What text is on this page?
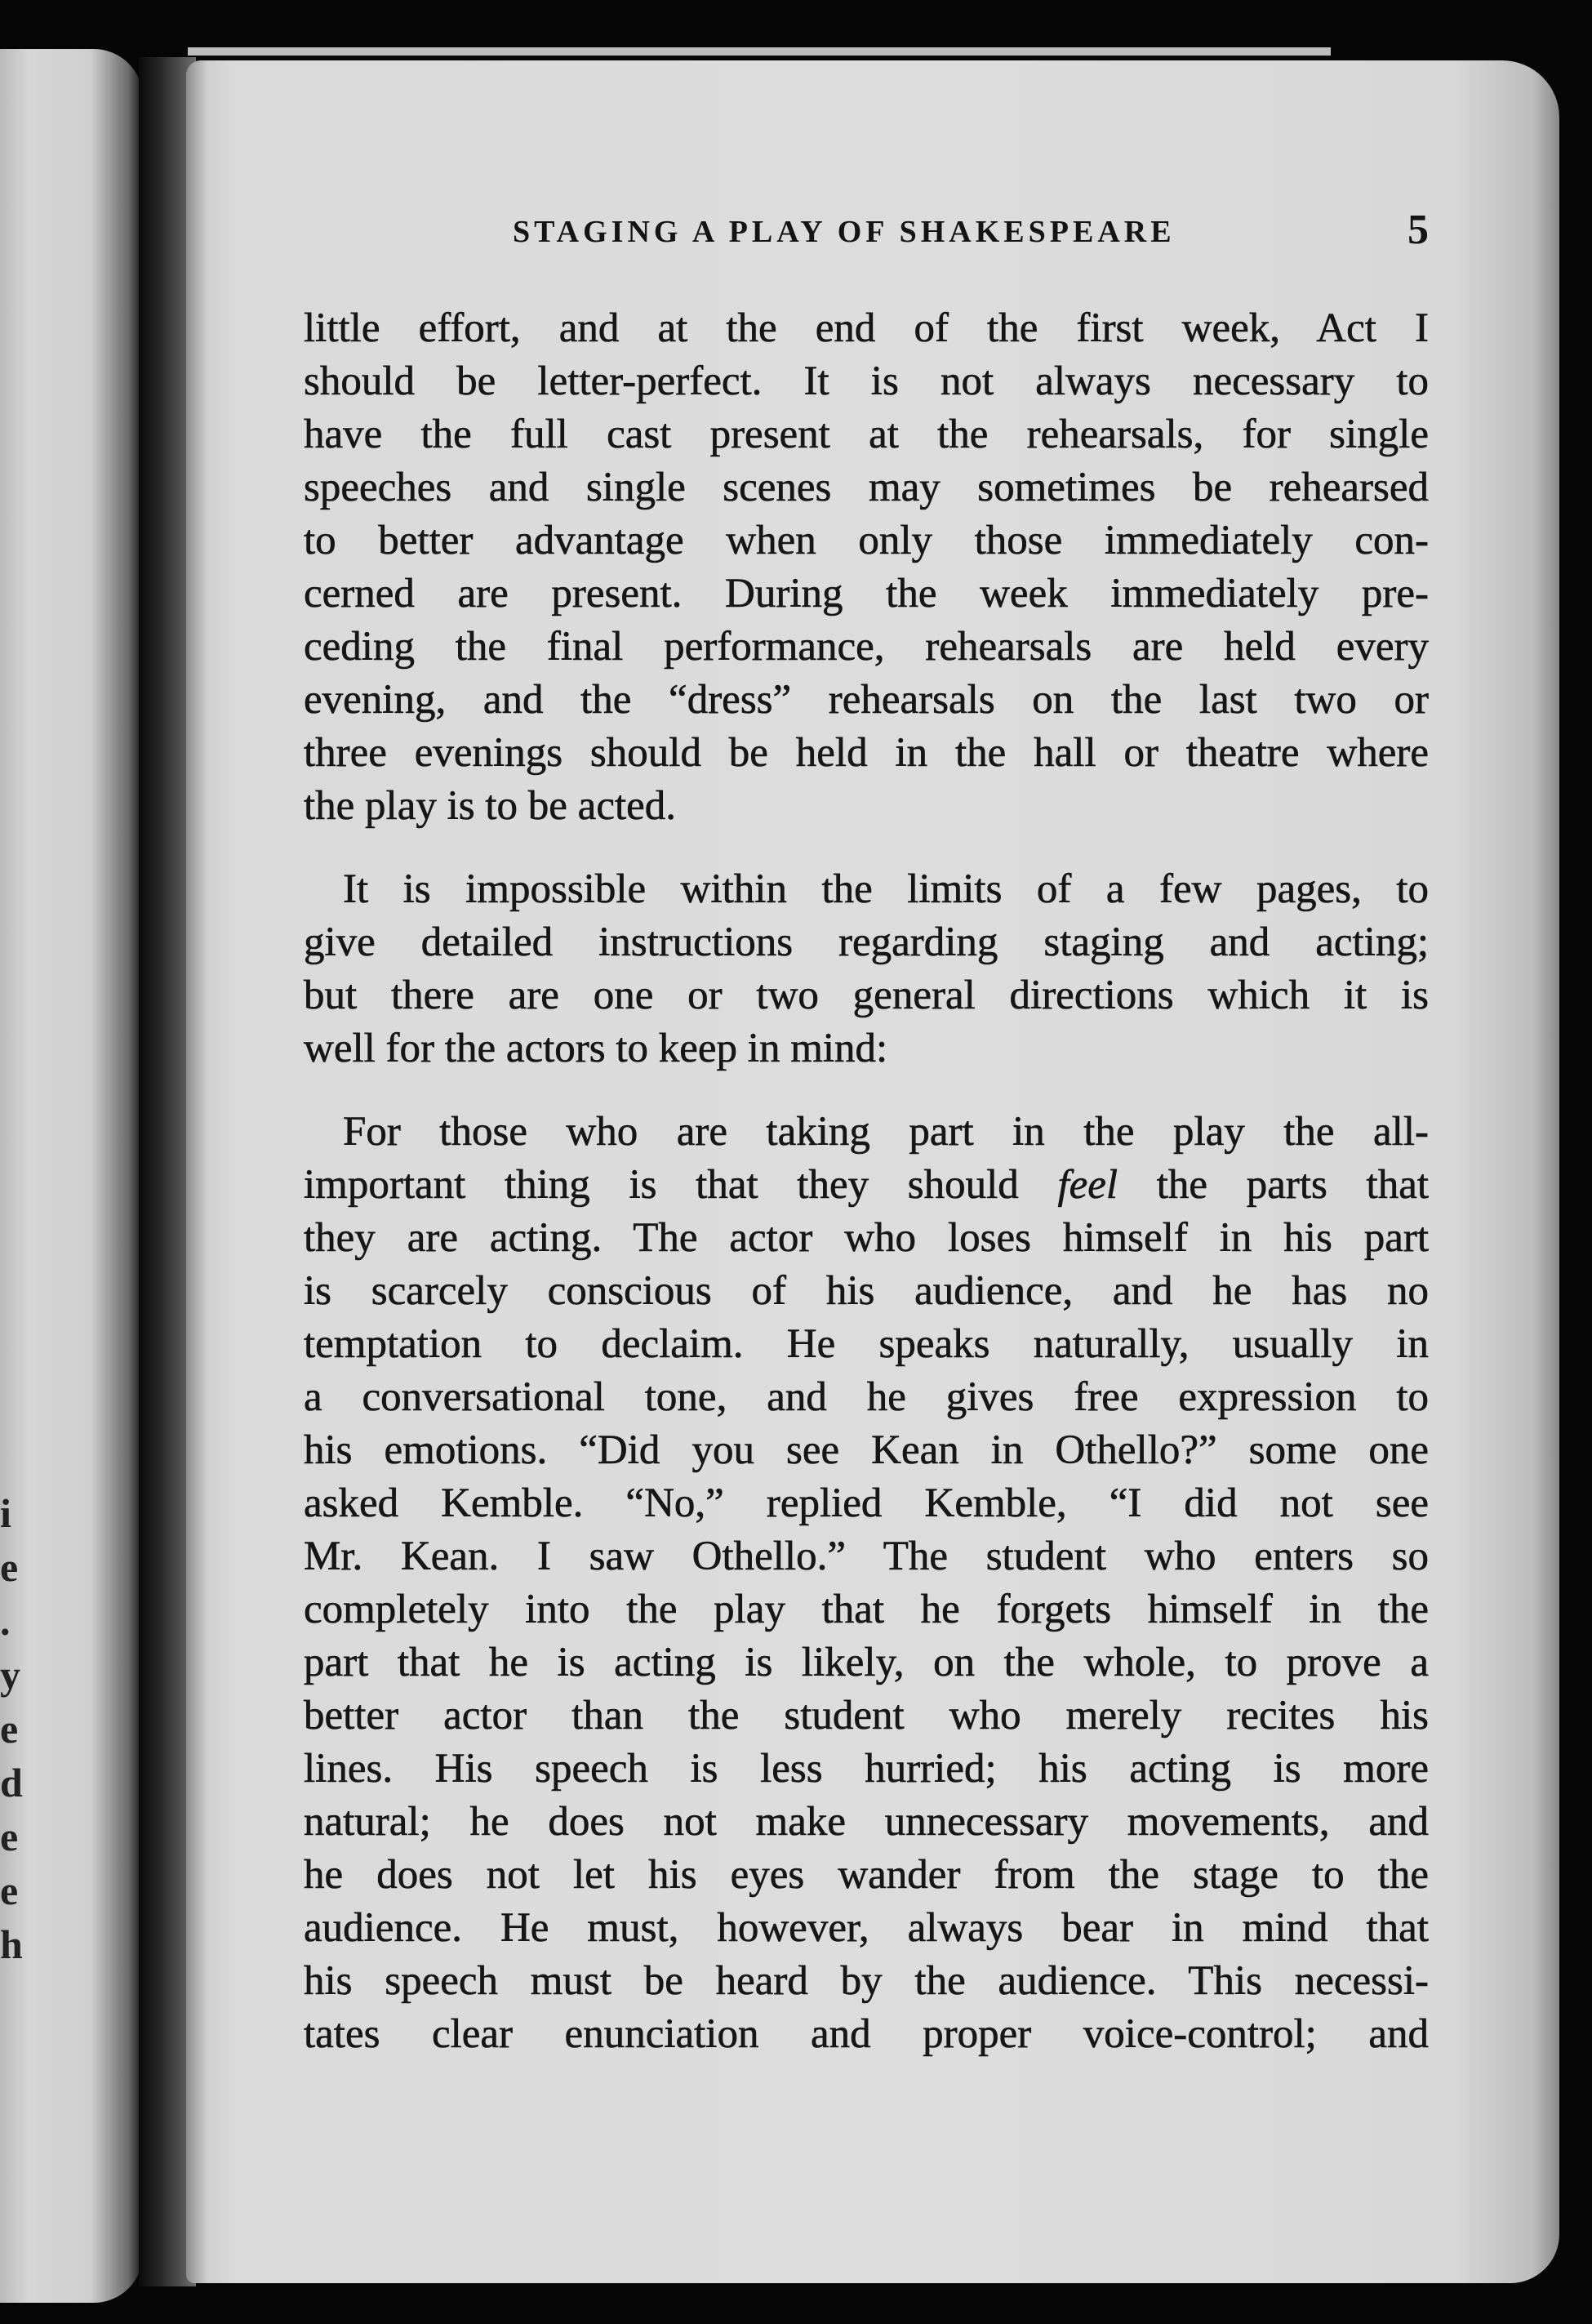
i
e
.
y
e
d
e
e
h
STAGING A PLAY OF SHAKESPEARE	5
little effort, and at the end of the first week, Act I
should be letter-perfect. It is not always necessary to
have the full cast present at the rehearsals, for single
speeches and single scenes may sometimes be rehearsed
to better advantage when only those immediately con-
cerned are present. During the week immediately pre-
ceding the final performance, rehearsals are held every
evening, and the “dress” rehearsals on the last two or
three evenings should be held in the hall or theatre where
the play is to be acted.
It is impossible within the limits of a few pages, to
give detailed instructions regarding staging and acting;
but there are one or two general directions which it is
well for the actors to keep in mind:
For those who are taking part in the play the all-
important thing is that they should feel the parts that
they are acting. The actor who loses himself in his part
is scarcely conscious of his audience, and he has no
temptation to declaim. He speaks naturally, usually in
a conversational tone, and he gives free expression to
his emotions. “Did you see Kean in Othello?” some one
asked Kemble. “No,” replied Kemble, “I did not see
Mr. Kean. I saw Othello.” The student who enters so
completely into the play that he forgets himself in the
part that he is acting is likely, on the whole, to prove a
better actor than the student who merely recites his
lines. His speech is less hurried; his acting is more
natural; he does not make unnecessary movements, and
he does not let his eyes wander from the stage to the
audience. He must, however, always bear in mind that
his speech must be heard by the audience. This necessi-
tates clear enunciation and proper voice-control; and
